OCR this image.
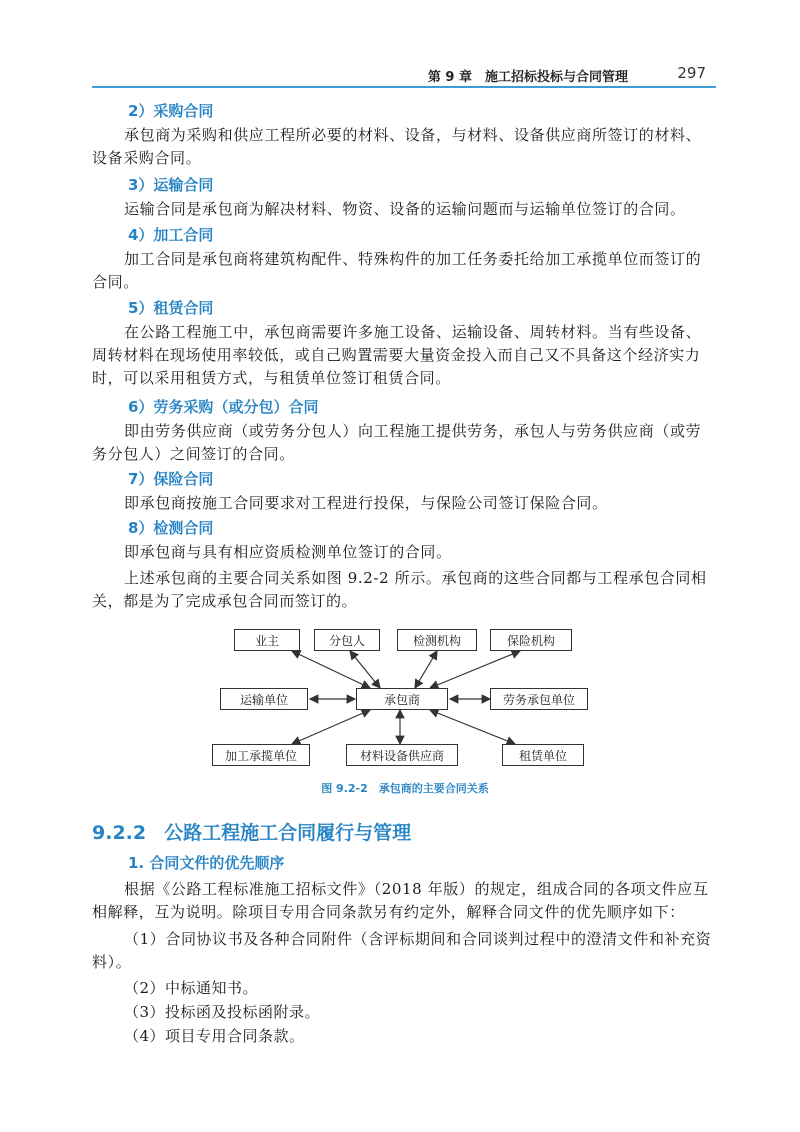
第 9 章　施工招标投标与合同管理	297
2）采购合同

承包商为采购和供应工程所必要的材料、设备，与材料、设备供应商所签订的材料、设备采购合同。

3）运输合同

运输合同是承包商为解决材料、物资、设备的运输问题而与运输单位签订的合同。

4）加工合同

加工合同是承包商将建筑构配件、特殊构件的加工任务委托给加工承揽单位而签订的合同。

5）租赁合同

在公路工程施工中，承包商需要许多施工设备、运输设备、周转材料。当有些设备、周转材料在现场使用率较低，或自己购置需要大量资金投入而自己又不具备这个经济实力时，可以采用租赁方式，与租赁单位签订租赁合同。

6）劳务采购（或分包）合同

即由劳务供应商（或劳务分包人）向工程施工提供劳务，承包人与劳务供应商（或劳务分包人）之间签订的合同。

7）保险合同

即承包商按施工合同要求对工程进行投保，与保险公司签订保险合同。

8）检测合同

即承包商与具有相应资质检测单位签订的合同。

上述承包商的主要合同关系如图 9.2-2 所示。承包商的这些合同都与工程承包合同相关，都是为了完成承包合同而签订的。

业主	分包人	检测机构	保险机构
运输单位	承包商	劳务承包单位
加工承揽单位	材料设备供应商	租赁单位
图 9.2-2　承包商的主要合同关系
9.2.2 公路工程施工合同履行与管理
1. 合同文件的优先顺序

根据《公路工程标准施工招标文件》（2018 年版）的规定，组成合同的各项文件应互相解释，互为说明。除项目专用合同条款另有约定外，解释合同文件的优先顺序如下：

（1）合同协议书及各种合同附件（含评标期间和合同谈判过程中的澄清文件和补充资料）。

（2）中标通知书。
（3）投标函及投标函附录。
（4）项目专用合同条款。
